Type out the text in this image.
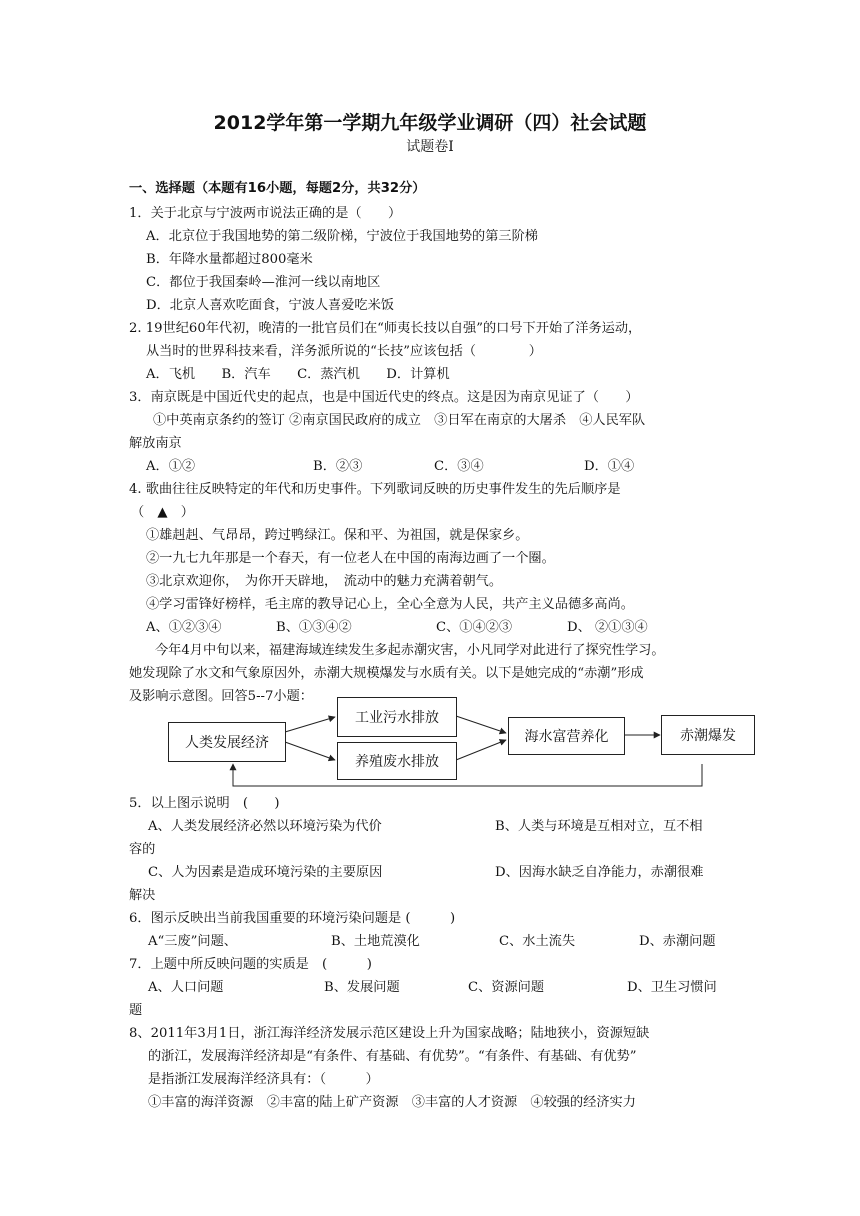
2012学年第一学期九年级学业调研（四）社会试题
试题卷Ⅰ
一、选择题（本题有16小题，每题2分，共32分）
1．关于北京与宁波两市说法正确的是（　　）
A．北京位于我国地势的第二级阶梯，宁波位于我国地势的第三阶梯
B．年降水量都超过800毫米
C．都位于我国秦岭—淮河一线以南地区
D．北京人喜欢吃面食，宁波人喜爱吃米饭
2. 19世纪60年代初，晚清的一批官员们在“师夷长技以自强”的口号下开始了洋务运动，
从当时的世界科技来看，洋务派所说的“长技”应该包括（　　　　）
A．飞机　　B．汽车　　C．蒸汽机　　D．计算机
3．南京既是中国近代史的起点，也是中国近代史的终点。这是因为南京见证了（　　）
①中英南京条约的签订 ②南京国民政府的成立　③日军在南京的大屠杀　④人民军队
解放南京
A．①②	B．②③	C．③④	D．①④
4. 歌曲往往反映特定的年代和历史事件。下列歌词反映的历史事件发生的先后顺序是
（　▲　）
①雄赳赳、气昂昂，跨过鸭绿江。保和平、为祖国，就是保家乡。
②一九七九年那是一个春天，有一位老人在中国的南海边画了一个圈。
③北京欢迎你，　为你开天辟地，　流动中的魅力充满着朝气。
④学习雷锋好榜样，毛主席的教导记心上，全心全意为人民，共产主义品德多高尚。
A、①②③④	B、①③④②	C、①④②③	D、 ②①③④
今年4月中旬以来，福建海域连续发生多起赤潮灾害，小凡同学对此进行了探究性学习。
她发现除了水文和气象原因外，赤潮大规模爆发与水质有关。以下是她完成的“赤潮”形成
及影响示意图。回答5--7小题：
人类发展经济
工业污水排放
养殖废水排放
海水富营养化	赤潮爆发
5．以上图示说明　(　　)
A、人类发展经济必然以环境污染为代价	B、人类与环境是互相对立，互不相
容的
C、人为因素是造成环境污染的主要原因	D、因海水缺乏自净能力，赤潮很难
解决
6．图示反映出当前我国重要的环境污染问题是 (　　　)
A“三废”问题、	B、土地荒漠化	C、水土流失	D、赤潮问题
7．上题中所反映问题的实质是　(　　　)
A、人口问题	B、发展问题	C、资源问题	D、卫生习惯问
题
8、2011年3月1日，浙江海洋经济发展示范区建设上升为国家战略；陆地狭小，资源短缺
的浙江，发展海洋经济却是“有条件、有基础、有优势”。“有条件、有基础、有优势”
是指浙江发展海洋经济具有：（　　　）
①丰富的海洋资源　②丰富的陆上矿产资源　③丰富的人才资源　④较强的经济实力
